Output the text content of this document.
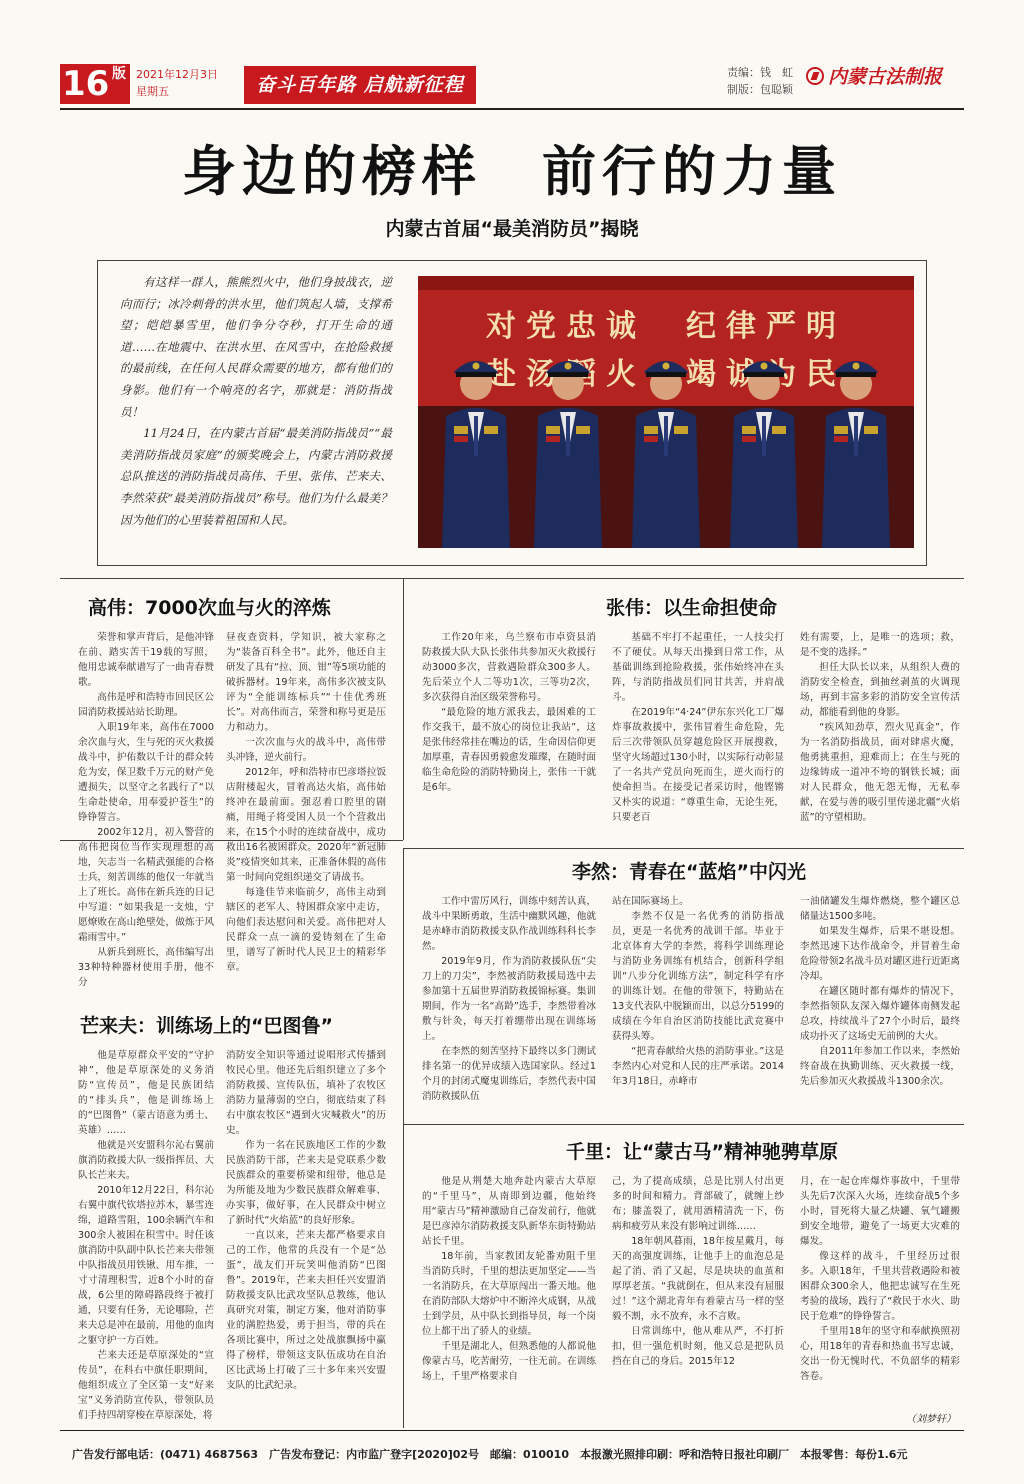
16 版 2021年12月3日
星期五	奋斗百年路 启航新征程
责编：钱　虹
制版：包聪颖
内蒙古法制报
身边的榜样　前行的力量
内蒙古首届“最美消防员”揭晓

有这样一群人，熊熊烈火中，他们身披战衣，逆向而行；冰冷刺骨的洪水里，他们筑起人墙，支撑希望；皑皑暴雪里，他们争分夺秒，打开生命的通道……在地震中、在洪水里、在风雪中，在抢险救援的最前线，在任何人民群众需要的地方，都有他们的身影。他们有一个响亮的名字，那就是：消防指战员！

11月24日，在内蒙古首届“最美消防指战员”“最美消防指战员家庭”的颁奖晚会上，内蒙古消防救援总队推送的消防指战员高伟、千里、张伟、芒来夫、李然荣获“最美消防指战员”称号。他们为什么最美？因为他们的心里装着祖国和人民。

对党忠诚　纪律严明
高伟：7000次血与火的淬炼

荣誉和掌声背后，是他冲锋在前、踏实苦干19载的写照，他用忠诚奉献谱写了一曲青春赞歌。

高伟是呼和浩特市回民区公园消防救援站站长助理。

入职19年来，高伟在7000余次血与火，生与死的灭火救援战斗中，护佑数以千计的群众转危为安，保卫数千万元的财产免遭损失，以坚守之名践行了“以生命赴使命，用奉爱护苍生”的铮铮誓言。

2002年12月，初入警营的高伟把岗位当作实现理想的高地，矢志当一名精武强能的合格士兵，刻苦训练的他仅一年就当上了班长。高伟在新兵连的日记中写道：“如果我是一支烛，宁愿燎败在高山绝壁处，做炼于风霜雨雪中。”

从新兵到班长，高伟编写出33种特种器材使用手册，他不分

昼夜查资料，学知识，被大家称之为“装备百科全书”。此外，他还自主研发了具有“拉、顶、钳”等5项功能的破拆器材。19年来，高伟多次被支队评为“全能训练标兵”“十佳优秀班长”。对高伟而言，荣誉和称号更是压力和动力。

一次次血与火的战斗中，高伟带头冲锋，逆火前行。

2012年，呼和浩特市巴彦塔拉饭店附楼起火，冒着高达火焰，高伟始终冲在最前面。强忍着口腔里的剧痛，用绳子将受困人员一个个营救出来，在15个小时的连续奋战中，成功救出16名被困群众。2020年“新冠肺炎”疫情突如其来，正准备休假的高伟第一时间向党组织递交了请战书。

每逢佳节来临前夕，高伟主动到辖区的老军人、特困群众家中走访，向他们表达慰问和关爱。高伟把对人民群众一点一滴的爱铸刻在了生命里，谱写了新时代人民卫士的精彩华章。

张伟：以生命担使命

工作20年来，乌兰察布市卓资县消防救援大队大队长张伟共参加灭火救援行动3000多次，营救遇险群众300多人。先后荣立个人二等功1次，三等功2次，多次获得自治区级荣誉称号。

“最危险的地方派我去，最困难的工作交我干，最不放心的岗位让我站”，这是张伟经常挂在嘴边的话，生命因信仰更加厚重，青春因勇毅愈发璀璨，在随时面临生命危险的消防特勤岗上，张伟一干就是6年。

基础不牢打不起重任，一人技尖打不了硬仗。从每天出操到日常工作，从基础训练到抢险救援，张伟始终冲在头阵，与消防指战员们同甘共苦，并肩战斗。

在2019年“4·24”伊东东兴化工厂爆炸事故救援中，张伟冒着生命危险，先后三次带领队员穿越危险区开展搜救，坚守火场超过130小时，以实际行动彰显了一名共产党员向死而生，逆火而行的使命担当。在接受记者采访时，他铿锵又朴实的说道：“尊重生命，无论生死，只要老百

姓有需要，上，是唯一的选项；救，是不变的选择。”

担任大队长以来，从组织人费的消防安全检查，到抽丝剥茧的火调现场，再到丰富多彩的消防安全宣传活动，都能看到他的身影。

“疾风知劲草，烈火见真金”，作为一名消防指战员，面对肆虐火魔，他勇挑重担，迎难而上；在生与死的边缘铸成一道冲不垮的钢铁长城；面对人民群众，他无怨无悔，无私奉献，在爱与善的吸引里传递北疆“火焰蓝”的守望相助。

李然：青春在“蓝焰”中闪光

工作中雷厉风行，训练中刻苦认真，战斗中果断勇敢，生活中幽默风趣，他就是赤峰市消防救援支队作战训练科科长李然。

2019年9月，作为消防救援队伍“尖刀上的刀尖”，李然被消防救援局选中去参加第十五届世界消防救援锦标赛。集训期间，作为一名“高龄”选手，李然带着冰敷与针灸，每天打着绷带出现在训练场上。

在李然的刻苦坚持下最终以多门测试排名第一的优异成绩入选国家队。经过1个月的封闭式魔鬼训练后，李然代表中国消防救援队伍

站在国际赛场上。

李然不仅是一名优秀的消防指战员，更是一名优秀的战训干部。毕业于北京体育大学的李然，将科学训练理论与消防业务训练有机结合，创新科学组训“八步分化训练方法”，制定科学有序的训练计划。在他的带领下，特勤站在13支代表队中脱颖而出，以总分5199的成绩在今年自治区消防技能比武竞赛中获得头筹。

“把青春献给火热的消防事业。”这是李然内心对党和人民的庄严承诺。2014年3月18日，赤峰市

一油储罐发生爆炸燃烧，整个罐区总储量达1500多吨。

如果发生爆炸，后果不堪设想。李然迅速下达作战命令，并冒着生命危险带领2名战斗员对罐区进行近距离冷却。

在罐区随时都有爆炸的情况下，李然指领队友深入爆炸罐体南侧发起总攻，持续战斗了27个小时后，最终成功扑灭了这场史无前例的大火。

自2011年参加工作以来，李然始终奋战在执勤训练、灭火救援一线，先后参加灭火救援战斗1300余次。

芒来夫：训练场上的“巴图鲁”

他是草原群众平安的“守护神”，他是草原深处的义务消防“宣传员”，他是民族团结的“排头兵”，他是训练场上的“巴图鲁”（蒙古语意为勇士、英雄）……

他就是兴安盟科尔沁右翼前旗消防救援大队一级指挥员、大队长芒来夫。

2010年12月22日，科尔沁右翼中旗代钦塔拉苏木，暴雪连绵，道路雪阻，100余辆汽车和300余人被困在积雪中。时任该旗消防中队副中队长芒来夫带领中队指战员用铁锹、用车推，一寸寸清理积雪，近8个小时的奋战，6公里的障碍路段终于被打通，只要有任务，无论哪险，芒来夫总是冲在最前，用他的血肉之躯守护一方百姓。

芒来夫还是草原深处的“宣传员”，在科右中旗任职期间，他组织成立了全区第一支“好来宝”义务消防宣传队，带领队员们手持四胡穿梭在草原深处，将

消防安全知识等通过说唱形式传播到牧民心里。他还先后组织建立了多个消防救援、宣传队伍，填补了农牧区消防力量薄弱的空白，彻底结束了科右中旗农牧区“遇到火灾喊救火”的历史。

作为一名在民族地区工作的少数民族消防干部，芒来夫是党联系少数民族群众的重要桥梁和纽带，他总是为所能及地为少数民族群众解难事、办实事，做好事，在人民群众中树立了新时代“火焰蓝”的良好形象。

一直以来，芒来夫都严格要求自己的工作，他常的兵没有一个是“怂蛋”，战友们开玩笑叫他消防“巴图鲁”。2019年，芒来夫担任兴安盟消防救援支队比武攻坚队总教练，他认真研究对策，制定方案，他对消防事业的满腔热爱，勇于担当，带的兵在各项比赛中，所过之处战旗飘扬中赢得了榜样，带领这支队伍成功在自治区比武场上打破了三十多年来兴安盟支队的比武纪录。

千里：让“蒙古马”精神驰骋草原

他是从荆楚大地奔赴内蒙古大草原的“千里马”，从南即到边疆，他始终用“蒙古马”精神激励自己奋发前行，他就是巴彦淖尔消防救援支队新华东街特勤站站长千里。

18年前，当家教团友轮番劝阻千里当消防兵时，千里的想法更加坚定——当一名消防兵，在大草原闯出一番天地。他在消防部队大熔炉中不断淬火成钢，从战士到学员，从中队长到指导员，每一个岗位上都干出了骄人的业绩。

千里是湖北人，但熟悉他的人都说他像蒙古马，吃苦耐劳，一往无前。在训练场上，千里严格要求自

己，为了提高成绩，总是比别人付出更多的时间和精力。背部破了，就缠上纱布；膝盖裂了，就用酒精清洗一下，伤病和疲劳从来没有影响过训练……

18年朝风暮雨，18年按星戴月，每天的高强度训练，让他手上的血泡总是起了消、消了又起，尽是块块的血茧和厚厚老茧。“我就倒在，但从来没有屈服过！”这个湖北青年有着蒙古马一样的坚毅不割，永不放弃，永不言败。

日常训练中，他从难从严，不打折扣，但一强危机时刻，他又总是把队员挡在自己的身后。2015年12

月，在一起仓库爆炸事故中，千里带头先后7次深入火场，连续奋战5个多小时，冒死将大量乙炔罐、氧气罐搬到安全地带，避免了一场更大灾难的爆发。

像这样的战斗，千里经历过很多。入职18年，千里共营救遇险和被困群众300余人，他把忠诚写在生死考验的战场，践行了“救民于水火、助民于危难”的铮铮誓言。

千里用18年的坚守和奉献换照初心，用18年的青春和热血书写忠诚，交出一份无愧时代、不负韶华的精彩答卷。

（刘梦轩）
广告发行部电话：(0471) 4687563　广告发布登记：内市监广登字[2020]02号　邮编：010010　本报激光照排印刷：呼和浩特日报社印刷厂　本报零售：每份1.6元
